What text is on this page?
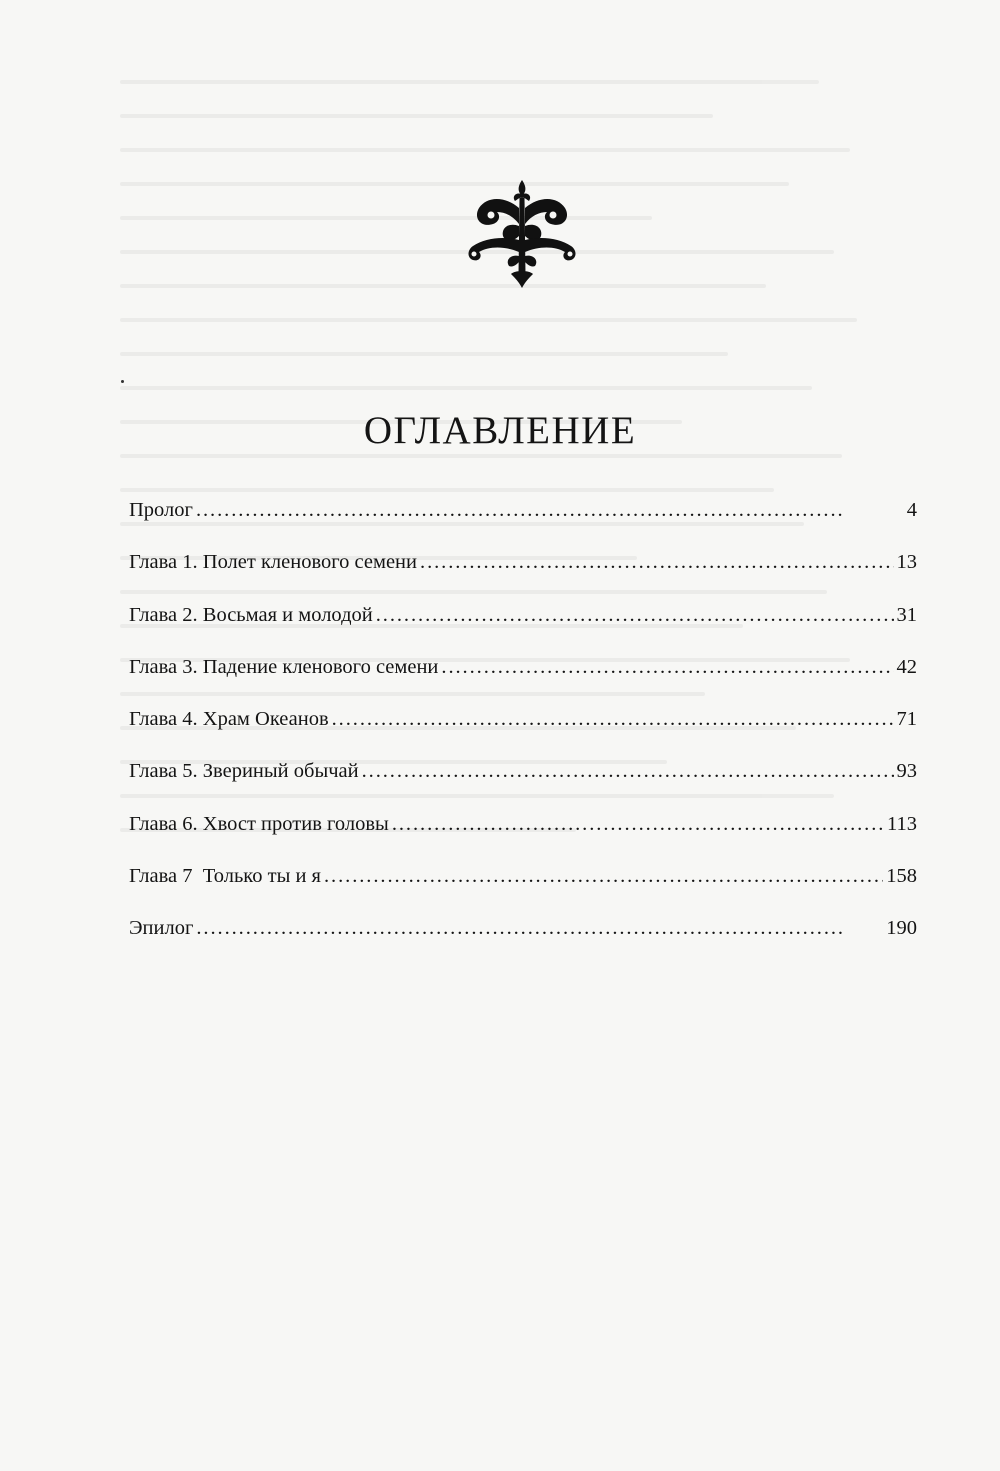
ОГЛАВЛЕНИЕ
Пролог . . .	4
Глава 1. Полет кленового семени . . .	13
Глава 2. Восьмая и молодой . . .	31
Глава 3. Падение кленового семени . . .	42
Глава 4. Храм Океанов . . .	71
Глава 5. Звериный обычай . . .	93
Глава 6. Хвост против головы . . .	113
Глава 7  Только ты и я . . .	158
Эпилог . . .	190
